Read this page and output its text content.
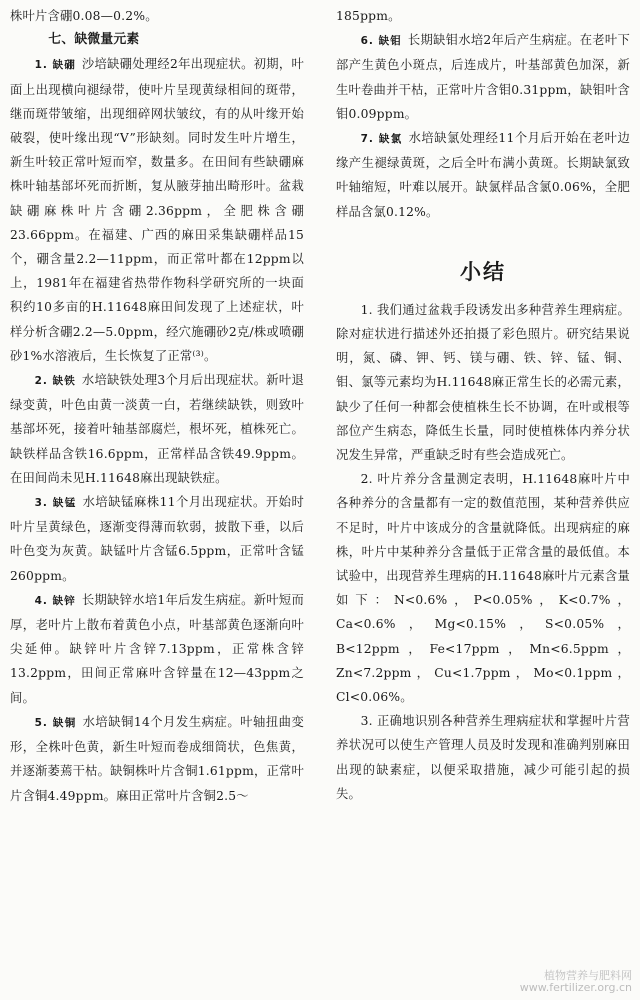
株叶片含硼0.08—0.2%。

七、缺微量元素

1. 缺硼 沙培缺硼处理经2年出现症状。初期，叶面上出现横向褪绿带，使叶片呈现黄绿相间的斑带，继而斑带皱缩，出现细碎网状皱纹，有的从叶缘开始破裂，使叶缘出现“V”形缺刻。同时发生叶片增生，新生叶较正常叶短而窄，数量多。在田间有些缺硼麻株叶轴基部坏死而折断，复从腋芽抽出畸形叶。盆栽缺硼麻株叶片含硼2.36ppm，全肥株含硼23.66ppm。在福建、广西的麻田采集缺硼样品15个，硼含量2.2—11ppm，而正常叶都在12ppm以上，1981年在福建省热带作物科学研究所的一块面积约10多亩的H.11648麻田间发现了上述症状，叶样分析含硼2.2—5.0ppm，经穴施硼砂2克/株或喷硼砂1%水溶液后，生长恢复了正常⁽³⁾。

2. 缺铁 水培缺铁处理3个月后出现症状。新叶退绿变黄，叶色由黄一淡黄一白，若继续缺铁，则致叶基部坏死，接着叶轴基部腐烂，根坏死，植株死亡。缺铁样品含铁16.6ppm，正常样品含铁49.9ppm。在田间尚未见H.11648麻出现缺铁症。

3. 缺锰 水培缺锰麻株11个月出现症状。开始时叶片呈黄绿色，逐渐变得薄而软弱，披散下垂，以后叶色变为灰黄。缺锰叶片含锰6.5ppm，正常叶含锰260ppm。

4. 缺锌 长期缺锌水培1年后发生病症。新叶短而厚，老叶片上散布着黄色小点，叶基部黄色逐渐向叶尖延伸。缺锌叶片含锌7.13ppm，正常株含锌13.2ppm，田间正常麻叶含锌量在12—43ppm之间。

5. 缺铜 水培缺铜14个月发生病症。叶轴扭曲变形，全株叶色黄，新生叶短而卷成细筒状，色焦黄，并逐渐萎蔫干枯。缺铜株叶片含铜1.61ppm，正常叶片含铜4.49ppm。麻田正常叶片含铜2.5～

185ppm。

6. 缺钼 长期缺钼水培2年后产生病症。在老叶下部产生黄色小斑点，后连成片，叶基部黄色加深，新生叶卷曲并干枯，正常叶片含钼0.31ppm，缺钼叶含钼0.09ppm。

7. 缺氯 水培缺氯处理经11个月后开始在老叶边缘产生褪绿黄斑，之后全叶布满小黄斑。长期缺氯致叶轴缩短，叶难以展开。缺氯样品含氯0.06%，全肥样品含氯0.12%。

小结

1. 我们通过盆栽手段诱发出多种营养生理病症。除对症状进行描述外还拍摄了彩色照片。研究结果说明，氮、磷、钾、钙、镁与硼、铁、锌、锰、铜、钼、氯等元素均为H.11648麻正常生长的必需元素，缺少了任何一种都会使植株生长不协调，在叶或根等部位产生病态，降低生长量，同时使植株体内养分状况发生异常，严重缺乏时有些会造成死亡。

2. 叶片养分含量测定表明，H.11648麻叶片中各种养分的含量都有一定的数值范围，某种营养供应不足时，叶片中该成分的含量就降低。出现病症的麻株，叶片中某种养分含量低于正常含量的最低值。本试验中，出现营养生理病的H.11648麻叶片元素含量如下：N<0.6%，P<0.05%，K<0.7%，Ca<0.6%，Mg<0.15%，S<0.05%，B<12ppm，Fe<17ppm，Mn<6.5ppm，Zn<7.2ppm，Cu<1.7ppm，Mo<0.1ppm，Cl<0.06%。

3. 正确地识别各种营养生理病症状和掌握叶片营养状况可以使生产管理人员及时发现和准确判别麻田出现的缺素症，以便采取措施，减少可能引起的损失。

植物营养与肥料网
www.fertilizer.org.cn
